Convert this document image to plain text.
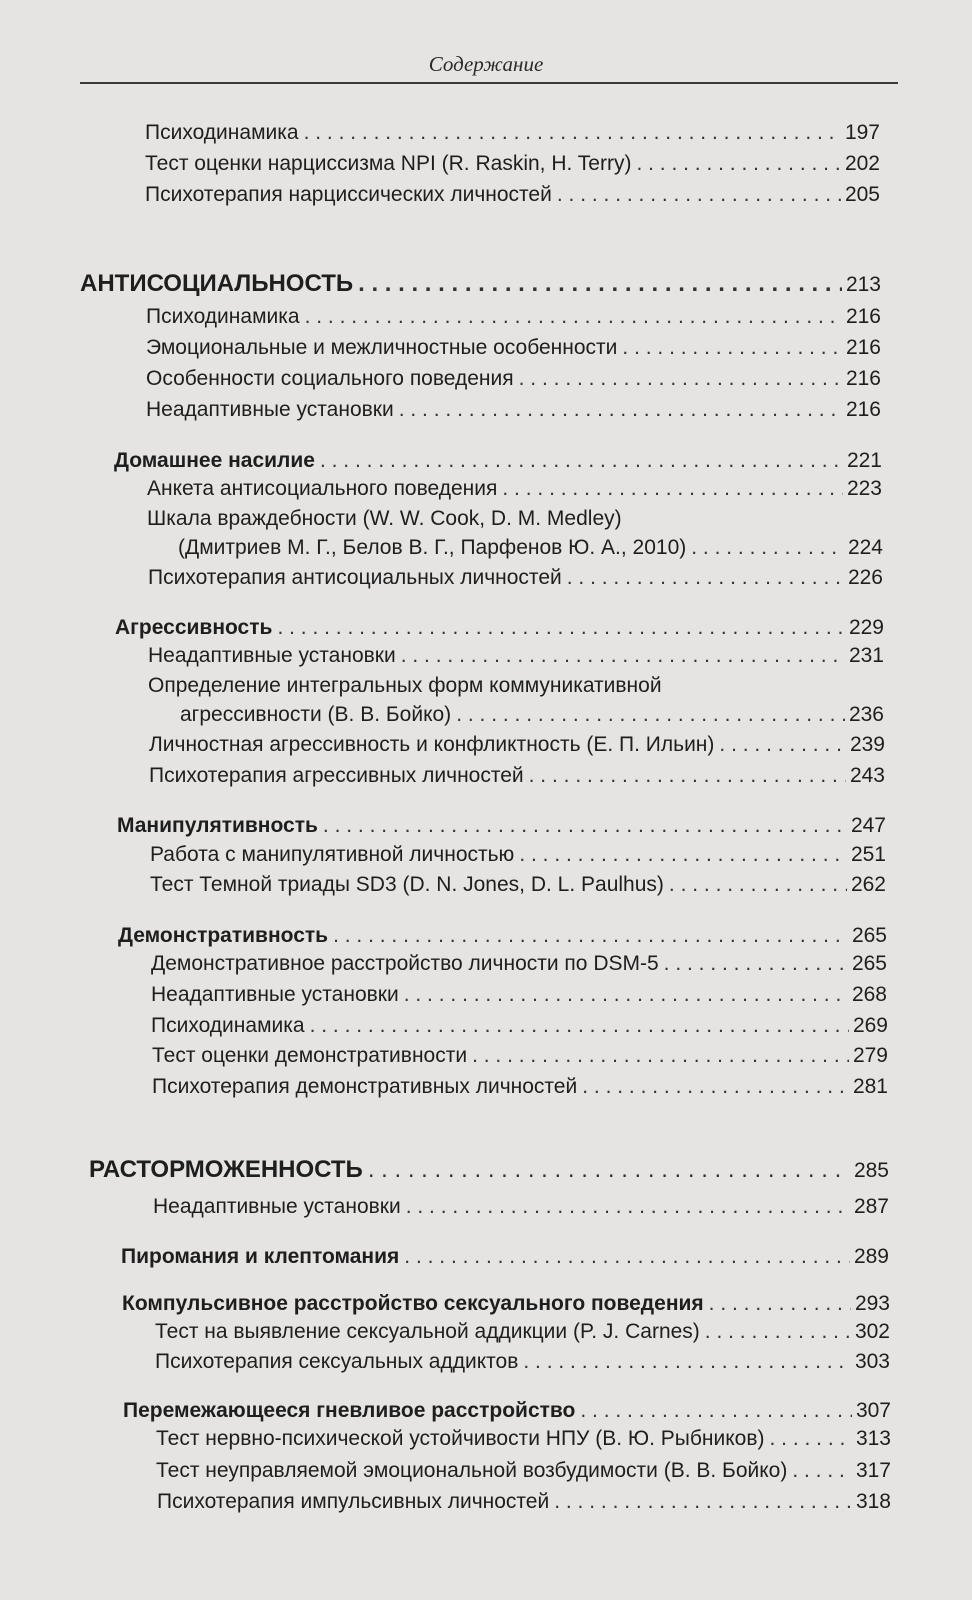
Содержание
Психодинамика . . .	197
Тест оценки нарциссизма NPI (R. Raskin, H. Terry) . . .	202
Психотерапия нарциссических личностей . . .	205
АНТИСОЦИАЛЬНОСТЬ . . .	213
Психодинамика . . .	216
Эмоциональные и межличностные особенности . . .	216
Особенности социального поведения . . .	216
Неадаптивные установки . . .	216
Домашнее насилие . . .	221
Анкета антисоциального поведения . . .	223
Шкала враждебности (W. W. Cook, D. M. Medley)
(Дмитриев М. Г., Белов В. Г., Парфенов Ю. А., 2010) . . .	224
Психотерапия антисоциальных личностей . . .	226
Агрессивность . . .	229
Неадаптивные установки . . .	231
Определение интегральных форм коммуникативной
агрессивности (В. В. Бойко) . . .	236
Личностная агрессивность и конфликтность (Е. П. Ильин) . . .	239
Психотерапия агрессивных личностей . . .	243
Манипулятивность . . .	247
Работа с манипулятивной личностью . . .	251
Тест Темной триады SD3 (D. N. Jones, D. L. Paulhus) . . .	262
Демонстративность . . .	265
Демонстративное расстройство личности по DSM-5 . . .	265
Неадаптивные установки . . .	268
Психодинамика . . .	269
Тест оценки демонстративности . . .	279
Психотерапия демонстративных личностей . . .	281
РАСТОРМОЖЕННОСТЬ . . .	285
Неадаптивные установки . . .	287
Пиромания и клептомания . . .	289
Компульсивное расстройство сексуального поведения . . .	293
Тест на выявление сексуальной аддикции (P. J. Carnes) . . .	302
Психотерапия сексуальных аддиктов . . .	303
Перемежающееся гневливое расстройство . . .	307
Тест нервно-психической устойчивости НПУ (В. Ю. Рыбников) . . .	313
Тест неуправляемой эмоциональной возбудимости (В. В. Бойко) . . .	317
Психотерапия импульсивных личностей . . .	318
